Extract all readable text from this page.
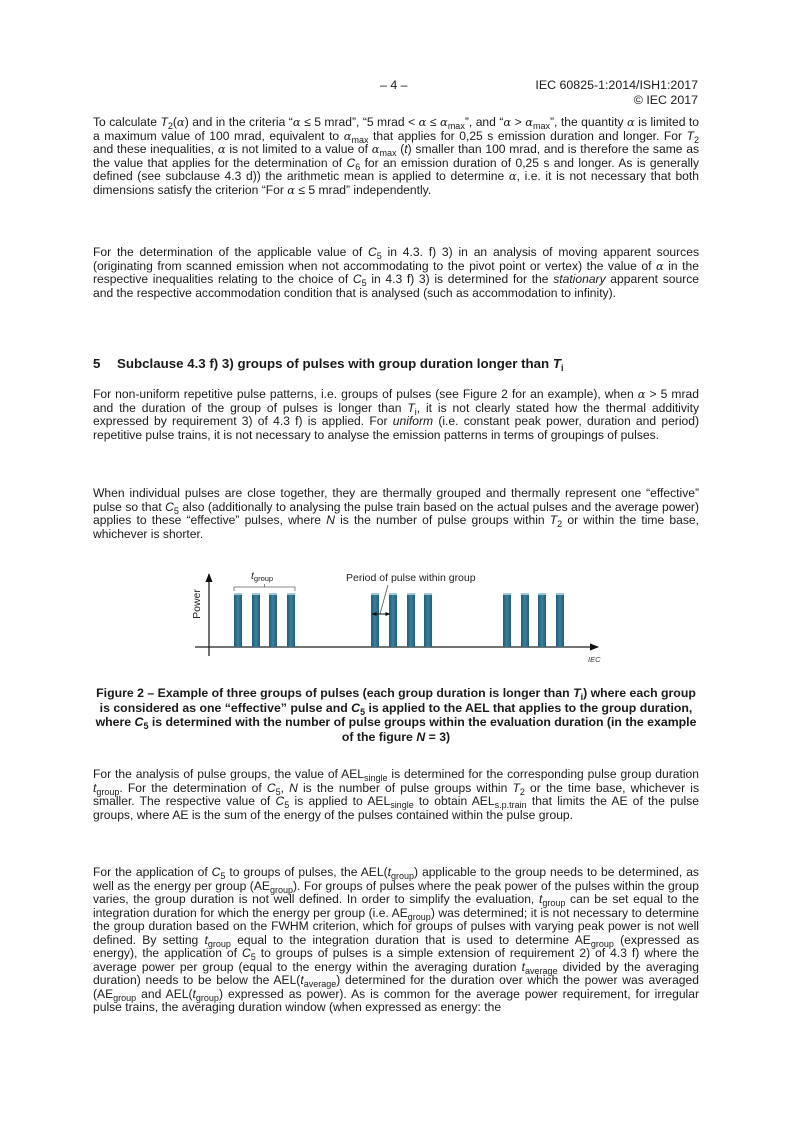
– 4 –	IEC 60825-1:2014/ISH1:2017
© IEC 2017
To calculate $T_2(\alpha)$ and in the criteria “α ≤ 5 mrad”, “5 mrad < $\alpha \le \alpha_{max}$”, and “$\alpha > \alpha_{max}$”, the quantity α is limited to a maximum value of 100 mrad, equivalent to $\alpha_{max}$ that applies for 0,25 s emission duration and longer. For $T_2$ and these inequalities, α is not limited to a value of $\alpha_{max}$ (t) smaller than 100 mrad, and is therefore the same as the value that applies for the determination of $C_6$ for an emission duration of 0,25 s and longer. As is generally defined (see subclause 4.3 d)) the arithmetic mean is applied to determine α, i.e. it is not necessary that both dimensions satisfy the criterion “For α ≤ 5 mrad” independently.
For the determination of the applicable value of $C_5$ in 4.3. f) 3) in an analysis of moving apparent sources (originating from scanned emission when not accommodating to the pivot point or vertex) the value of α in the respective inequalities relating to the choice of $C_5$ in 4.3 f) 3) is determined for the stationary apparent source and the respective accommodation condition that is analysed (such as accommodation to infinity).
5 Subclause 4.3 f) 3) groups of pulses with group duration longer than $T_i$
For non-uniform repetitive pulse patterns, i.e. groups of pulses (see Figure 2 for an example), when α > 5 mrad and the duration of the group of pulses is longer than $T_i$, it is not clearly stated how the thermal additivity expressed by requirement 3) of 4.3 f) is applied. For uniform (i.e. constant peak power, duration and period) repetitive pulse trains, it is not necessary to analyse the emission patterns in terms of groupings of pulses.
When individual pulses are close together, they are thermally grouped and thermally represent one “effective” pulse so that $C_5$ also (additionally to analysing the pulse train based on the actual pulses and the average power) applies to these “effective” pulses, where N is the number of pulse groups within $T_2$ or within the time base, whichever is shorter.
Power
tgroup	Period of pulse within group
IEC
Figure 2 – Example of three groups of pulses (each group duration is longer than $T_i$) where each group is considered as one “effective” pulse and $C_5$ is applied to the AEL that applies to the group duration, where $C_5$ is determined with the number of pulse groups within the evaluation duration (in the example of the figure N = 3)
For the analysis of pulse groups, the value of $AEL_{single}$ is determined for the corresponding pulse group duration $t_{group}$. For the determination of $C_5$, N is the number of pulse groups within $T_2$ or the time base, whichever is smaller. The respective value of $C_5$ is applied to $AEL_{single}$ to obtain $AEL_{s.p.train}$ that limits the AE of the pulse groups, where AE is the sum of the energy of the pulses contained within the pulse group.
For the application of $C_5$ to groups of pulses, the $AEL(t_{group})$ applicable to the group needs to be determined, as well as the energy per group $(AE_{group})$. For groups of pulses where the peak power of the pulses within the group varies, the group duration is not well defined. In order to simplify the evaluation, $t_{group}$ can be set equal to the integration duration for which the energy per group (i.e. $AE_{group}$) was determined; it is not necessary to determine the group duration based on the FWHM criterion, which for groups of pulses with varying peak power is not well defined. By setting $t_{group}$ equal to the integration duration that is used to determine $AE_{group}$ (expressed as energy), the application of $C_5$ to groups of pulses is a simple extension of requirement 2) of 4.3 f) where the average power per group (equal to the energy within the averaging duration $t_{average}$ divided by the averaging duration) needs to be below the $AEL(t_{average})$ determined for the duration over which the power was averaged ($AE_{group}$ and $AEL(t_{group})$ expressed as power). As is common for the average power requirement, for irregular pulse trains, the averaging duration window (when expressed as energy: the
